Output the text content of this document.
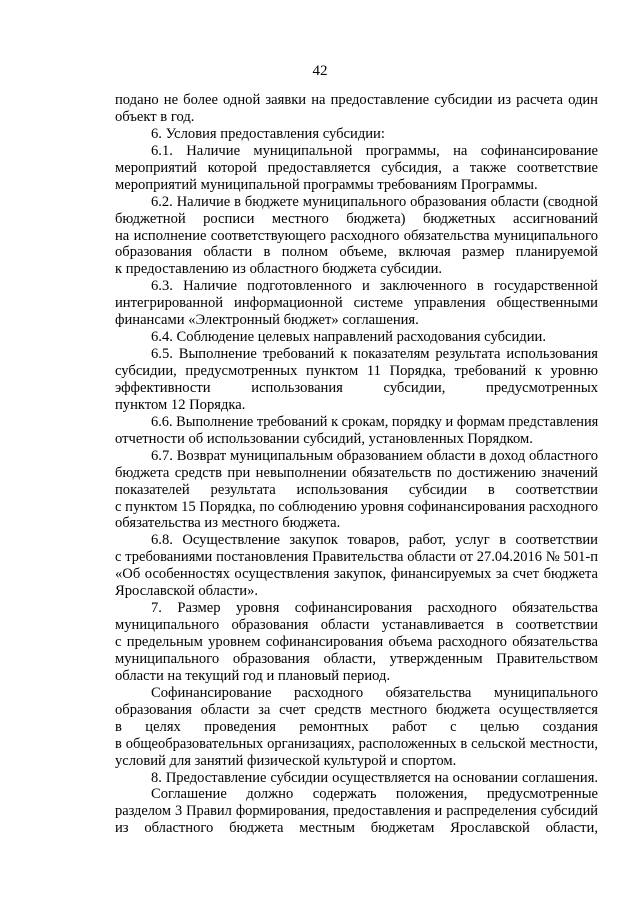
42
подано не более одной заявки на предоставление субсидии из расчета один
объект в год.
6. Условия предоставления субсидии:
6.1. Наличие муниципальной программы, на софинансирование
мероприятий которой предоставляется субсидия, а также соответствие
мероприятий муниципальной программы требованиям Программы.
6.2. Наличие в бюджете муниципального образования области (сводной
бюджетной росписи местного бюджета) бюджетных ассигнований
на исполнение соответствующего расходного обязательства муниципального
образования области в полном объеме, включая размер планируемой
к предоставлению из областного бюджета субсидии.
6.3. Наличие подготовленного и заключенного в государственной
интегрированной информационной системе управления общественными
финансами «Электронный бюджет» соглашения.
6.4. Соблюдение целевых направлений расходования субсидии.
6.5. Выполнение требований к показателям результата использования
субсидии, предусмотренных пунктом 11 Порядка, требований к уровню
эффективности использования субсидии, предусмотренных
пунктом 12 Порядка.
6.6. Выполнение требований к срокам, порядку и формам представления
отчетности об использовании субсидий, установленных Порядком.
6.7. Возврат муниципальным образованием области в доход областного
бюджета средств при невыполнении обязательств по достижению значений
показателей результата использования субсидии в соответствии
с пунктом 15 Порядка, по соблюдению уровня софинансирования расходного
обязательства из местного бюджета.
6.8. Осуществление закупок товаров, работ, услуг в соответствии
с требованиями постановления Правительства области от 27.04.2016 № 501-п
«Об особенностях осуществления закупок, финансируемых за счет бюджета
Ярославской области».
7. Размер уровня софинансирования расходного обязательства
муниципального образования области устанавливается в соответствии
с предельным уровнем софинансирования объема расходного обязательства
муниципального образования области, утвержденным Правительством
области на текущий год и плановый период.
Софинансирование расходного обязательства муниципального
образования области за счет средств местного бюджета осуществляется
в целях проведения ремонтных работ с целью создания
в общеобразовательных организациях, расположенных в сельской местности,
условий для занятий физической культурой и спортом.
8. Предоставление субсидии осуществляется на основании соглашения.
Соглашение должно содержать положения, предусмотренные
разделом 3 Правил формирования, предоставления и распределения субсидий
из областного бюджета местным бюджетам Ярославской области,
